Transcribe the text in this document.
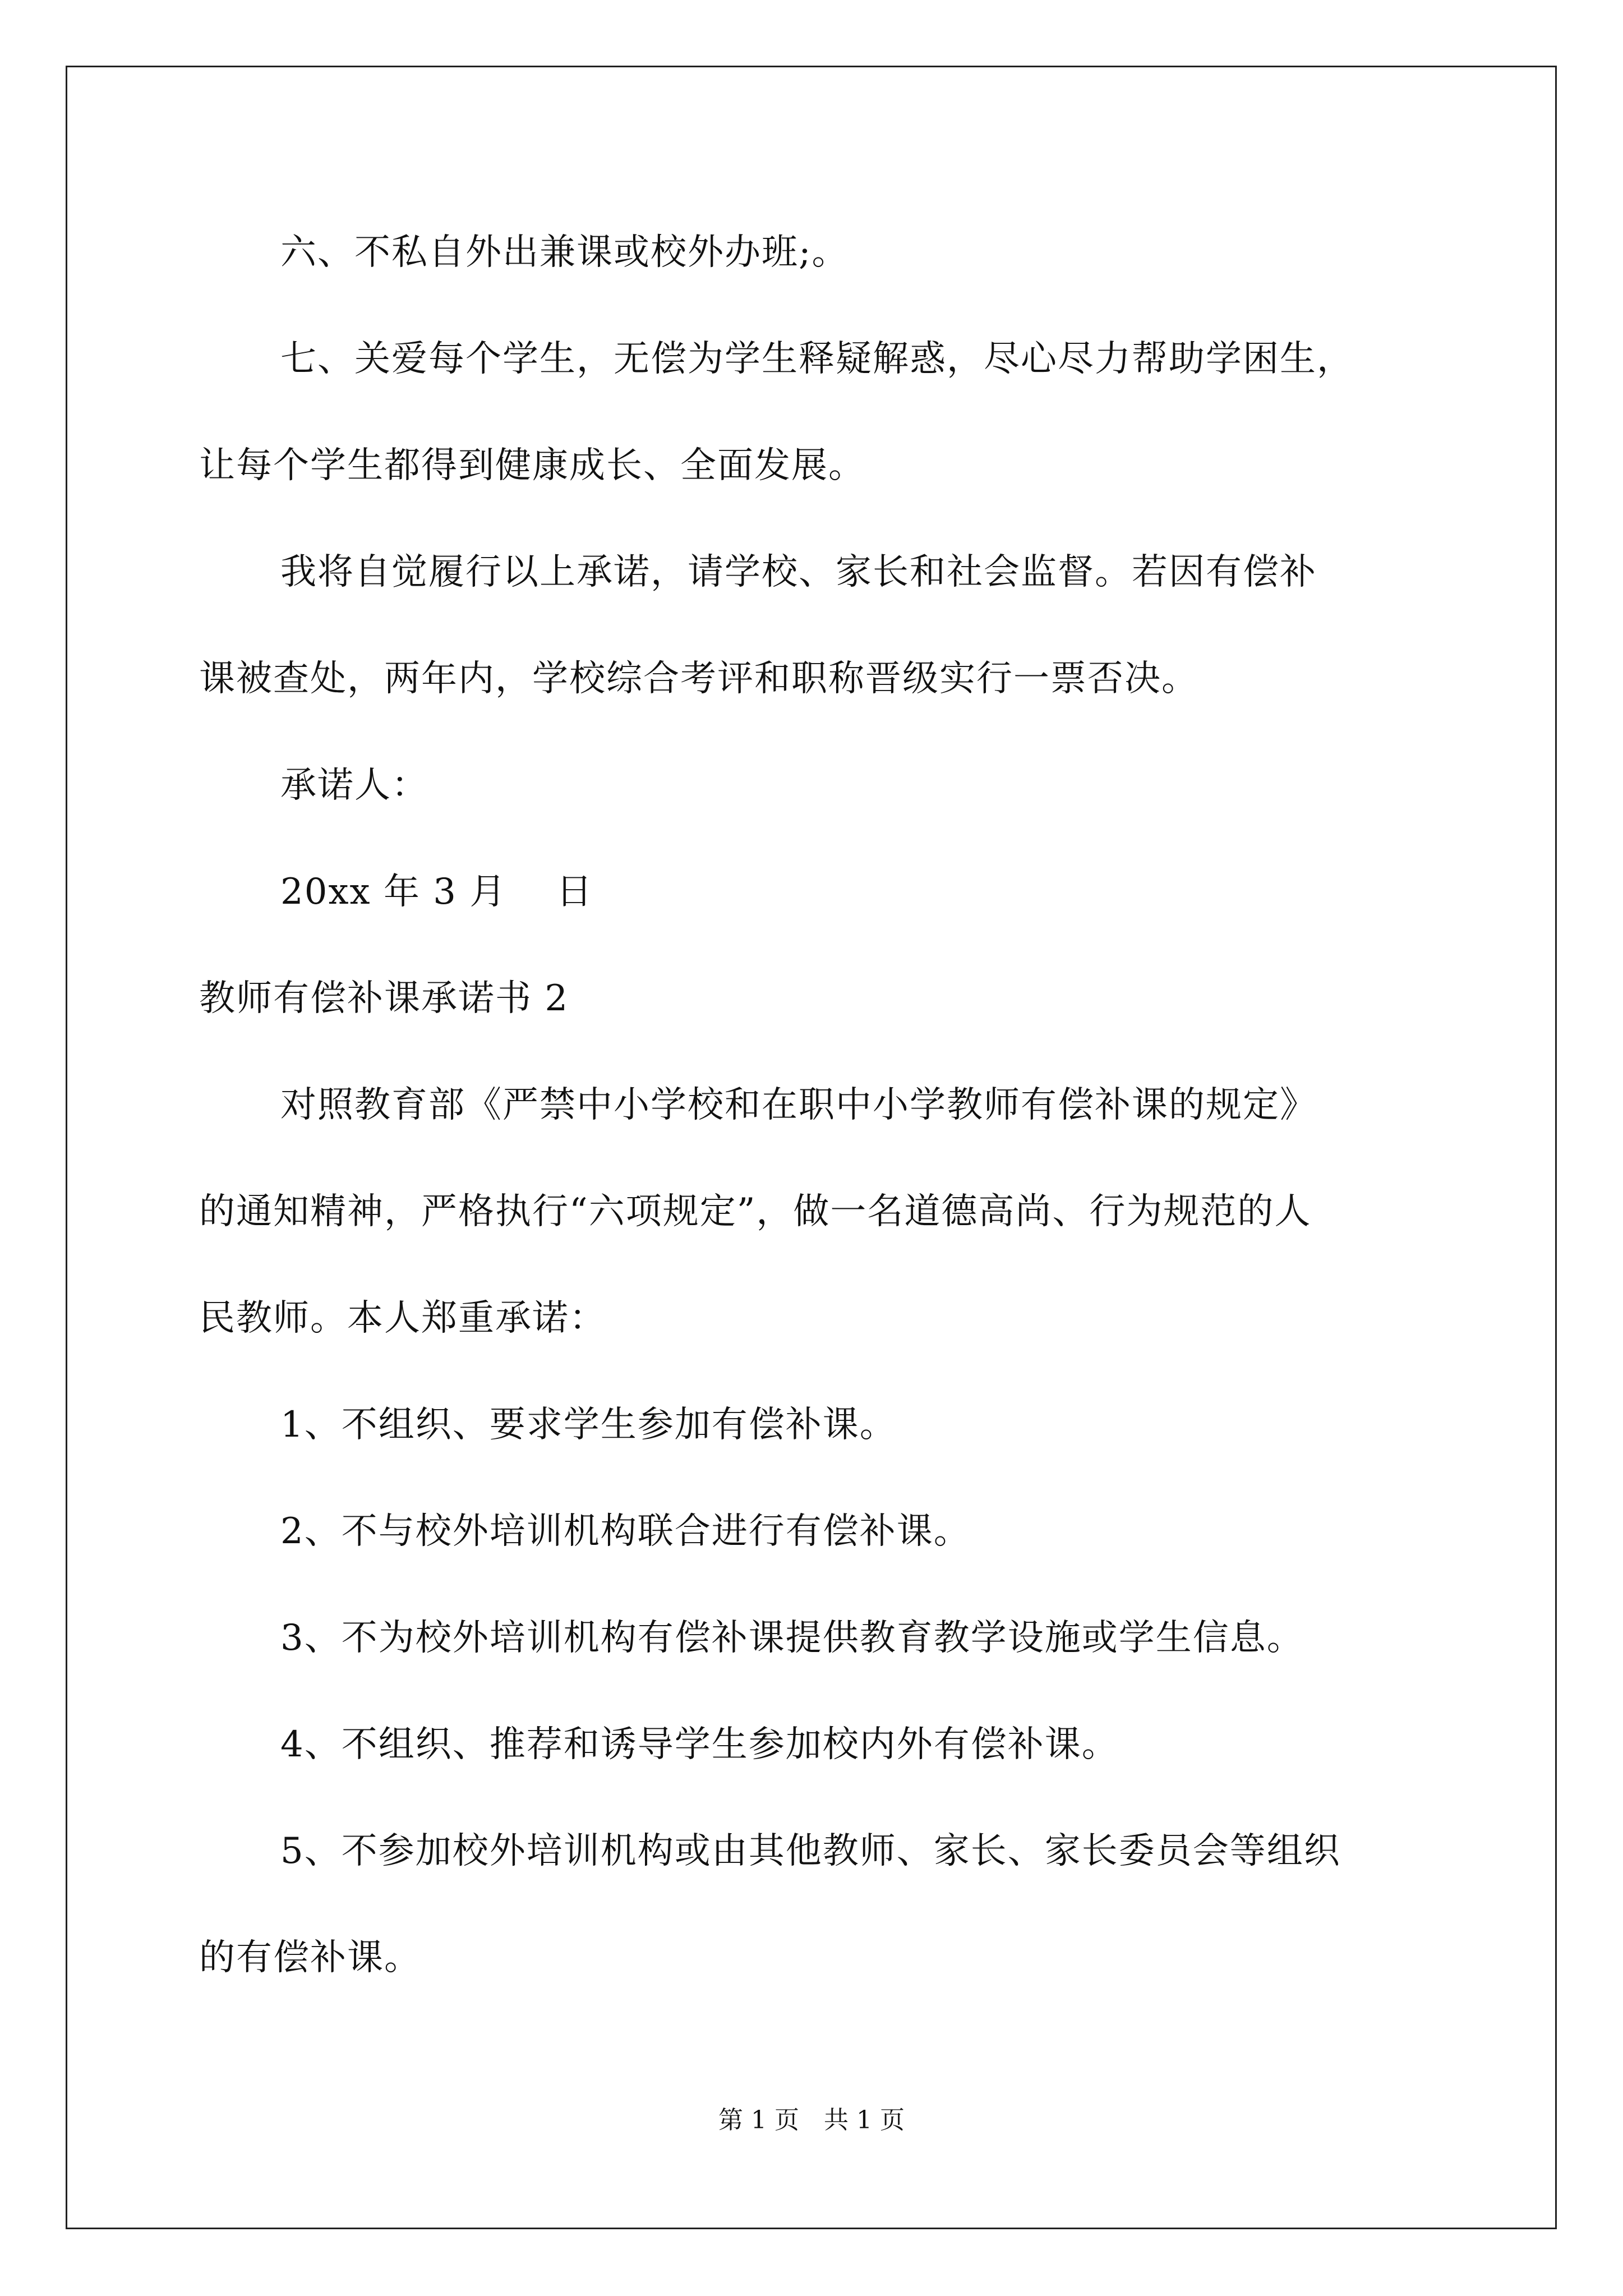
六、不私自外出兼课或校外办班;。
七、关爱每个学生，无偿为学生释疑解惑，尽心尽力帮助学困生，
让每个学生都得到健康成长、全面发展。
我将自觉履行以上承诺，请学校、家长和社会监督。若因有偿补
课被查处，两年内，学校综合考评和职称晋级实行一票否决。
承诺人：
20xx 年 3 月　 日
教师有偿补课承诺书 2
对照教育部《严禁中小学校和在职中小学教师有偿补课的规定》
的通知精神，严格执行“六项规定”，做一名道德高尚、行为规范的人
民教师。本人郑重承诺：
1、不组织、要求学生参加有偿补课。
2、不与校外培训机构联合进行有偿补课。
3、不为校外培训机构有偿补课提供教育教学设施或学生信息。
4、不组织、推荐和诱导学生参加校内外有偿补课。
5、不参加校外培训机构或由其他教师、家长、家长委员会等组织
的有偿补课。
第 1 页　共 1 页
